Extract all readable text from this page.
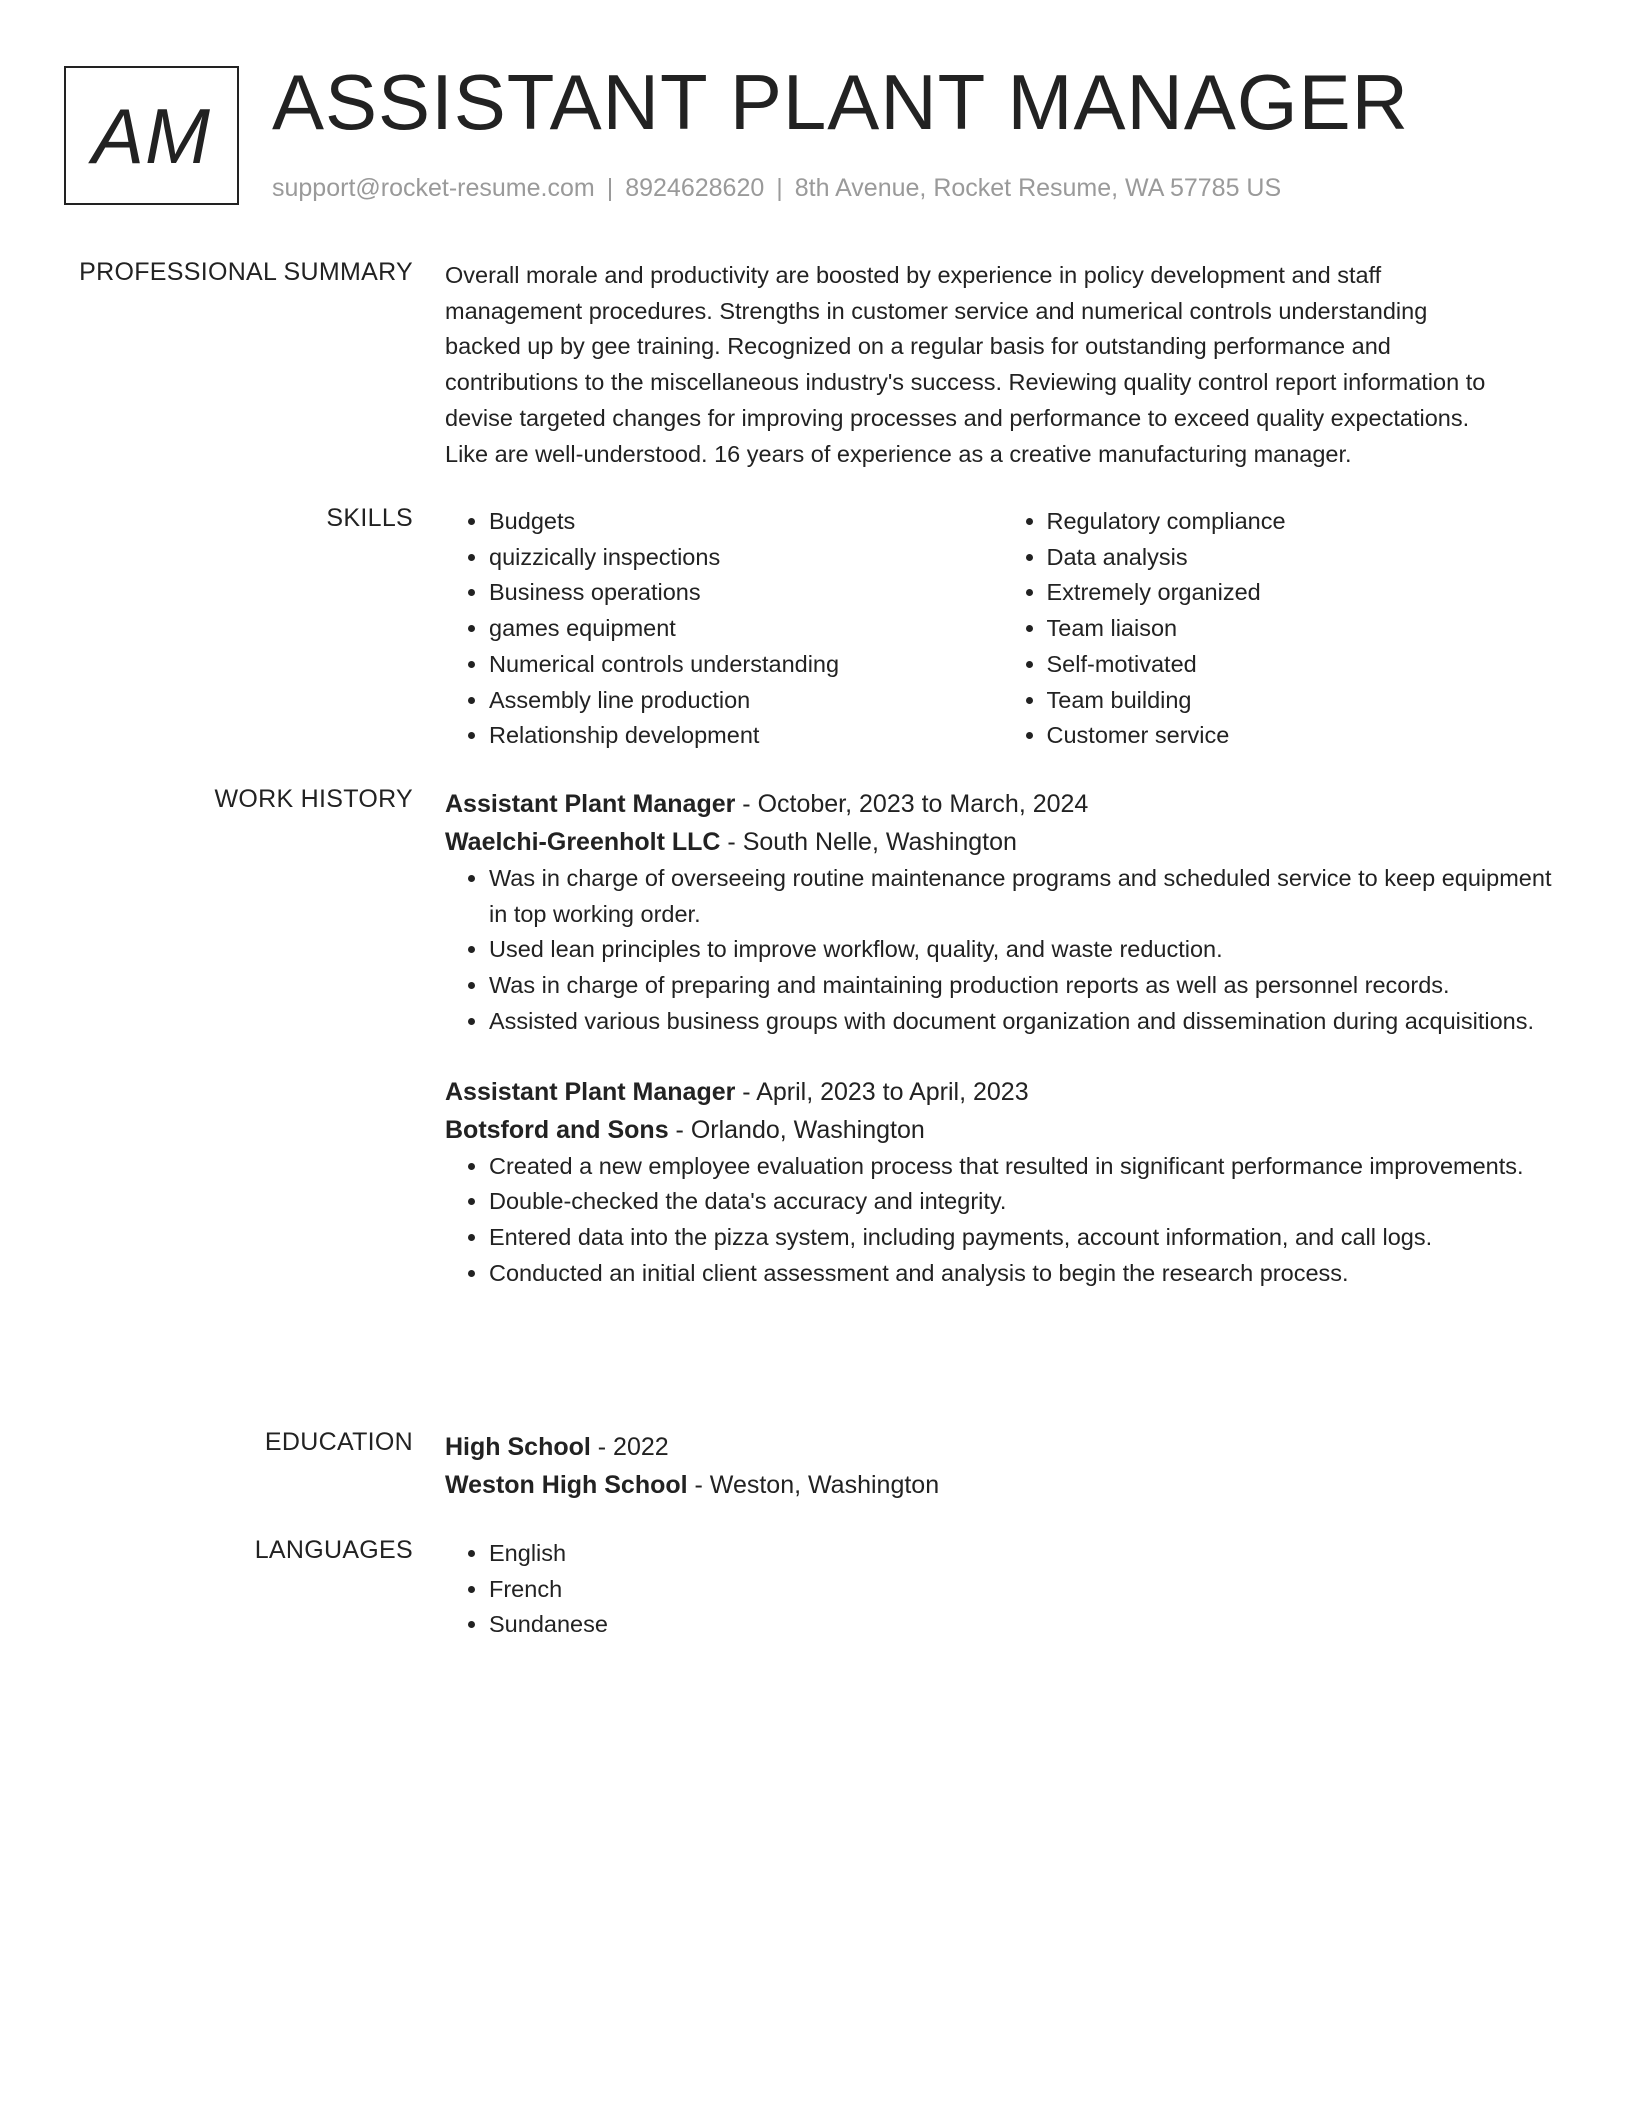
AM ASSISTANT PLANT MANAGER
support@rocket-resume.com | 8924628620 | 8th Avenue, Rocket Resume, WA 57785 US
PROFESSIONAL SUMMARY Overall morale and productivity are boosted by experience in policy development and staff

management procedures. Strengths in customer service and numerical controls understanding

backed up by gee training. Recognized on a regular basis for outstanding performance and

contributions to the miscellaneous industry's success. Reviewing quality control report information to

devise targeted changes for improving processes and performance to exceed quality expectations.

Like are well-understood. 16 years of experience as a creative manufacturing manager.

SKILLS	• Budgets
• quizzically inspections
• Business operations
• games equipment
• Numerical controls understanding
• Assembly line production
• Relationship development
• Regulatory compliance
• Data analysis
• Extremely organized
• Team liaison
• Self-motivated
• Team building
• Customer service
WORK HISTORY Assistant Plant Manager - October, 2023 to March, 2024
Waelchi-Greenholt LLC - South Nelle, Washington
• Was in charge of overseeing routine maintenance programs and scheduled service to keep equipment in top working order.
• Used lean principles to improve workflow, quality, and waste reduction.
• Was in charge of preparing and maintaining production reports as well as personnel records.
• Assisted various business groups with document organization and dissemination during acquisitions.
Assistant Plant Manager - April, 2023 to April, 2023
Botsford and Sons - Orlando, Washington
• Created a new employee evaluation process that resulted in significant performance improvements.
• Double-checked the data's accuracy and integrity.
• Entered data into the pizza system, including payments, account information, and call logs.
• Conducted an initial client assessment and analysis to begin the research process.
EDUCATION High School - 2022
Weston High School - Weston, Washington
LANGUAGES	• English
• French
• Sundanese
